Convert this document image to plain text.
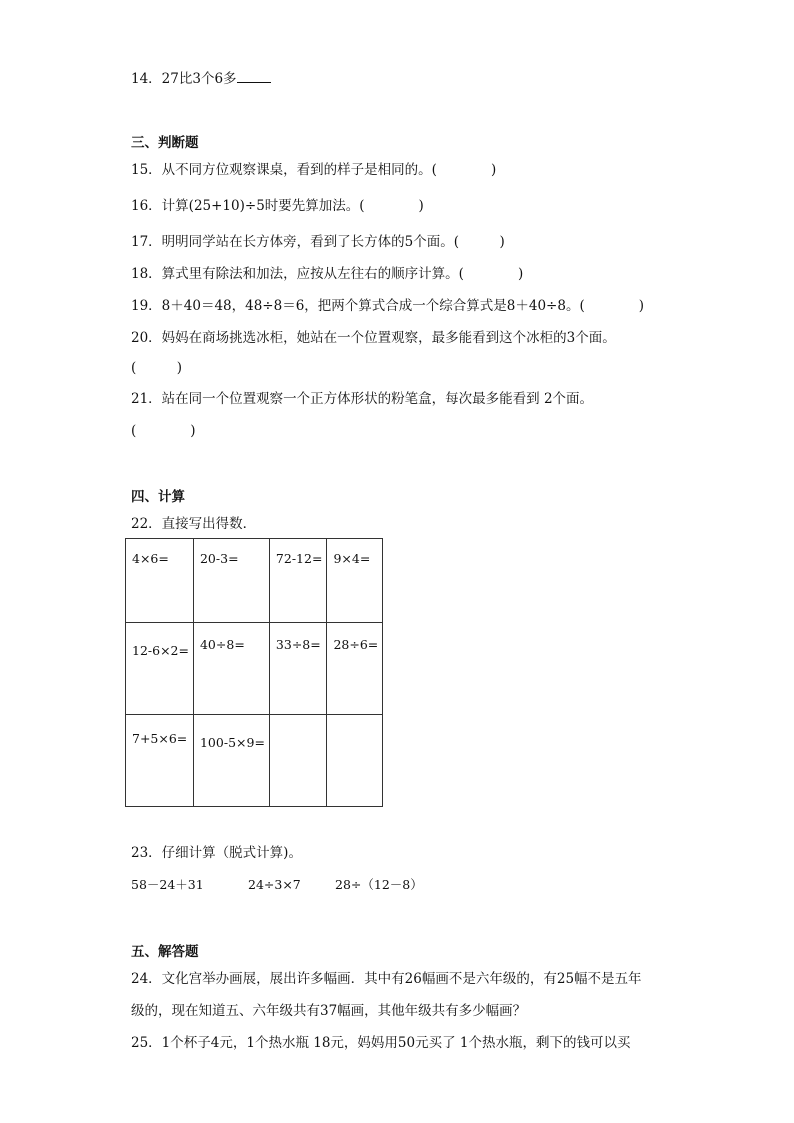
14．27比3个6多
三、判断题
15．从不同方位观察课桌，看到的样子是相同的。(　　　　)
16．计算(25+10)÷5时要先算加法。(　　　　)
17．明明同学站在长方体旁，看到了长方体的5个面。(　　　)
18．算式里有除法和加法，应按从左往右的顺序计算。(　　　　)
19．8＋40＝48，48÷8＝6，把两个算式合成一个综合算式是8＋40÷8。(　　　　)
20．妈妈在商场挑选冰柜，她站在一个位置观察，最多能看到这个冰柜的3个面。
(　　　)
21．站在同一个位置观察一个正方体形状的粉笔盒，每次最多能看到 2个面。
(　　　　)
四、计算
22．直接写出得数．
4×6=	20-3=	72-12=	9×4=
12-6×2=	40÷8=	33÷8=	28÷6=
7+5×6=	100-5×9=		
23．仔细计算（脱式计算)。
58－24＋31	24÷3×7	28÷（12－8）
五、解答题
24．文化宫举办画展，展出许多幅画．其中有26幅画不是六年级的，有25幅不是五年
级的，现在知道五、六年级共有37幅画，其他年级共有多少幅画？
25．1个杯子4元，1个热水瓶 18元，妈妈用50元买了 1个热水瓶，剩下的钱可以买
